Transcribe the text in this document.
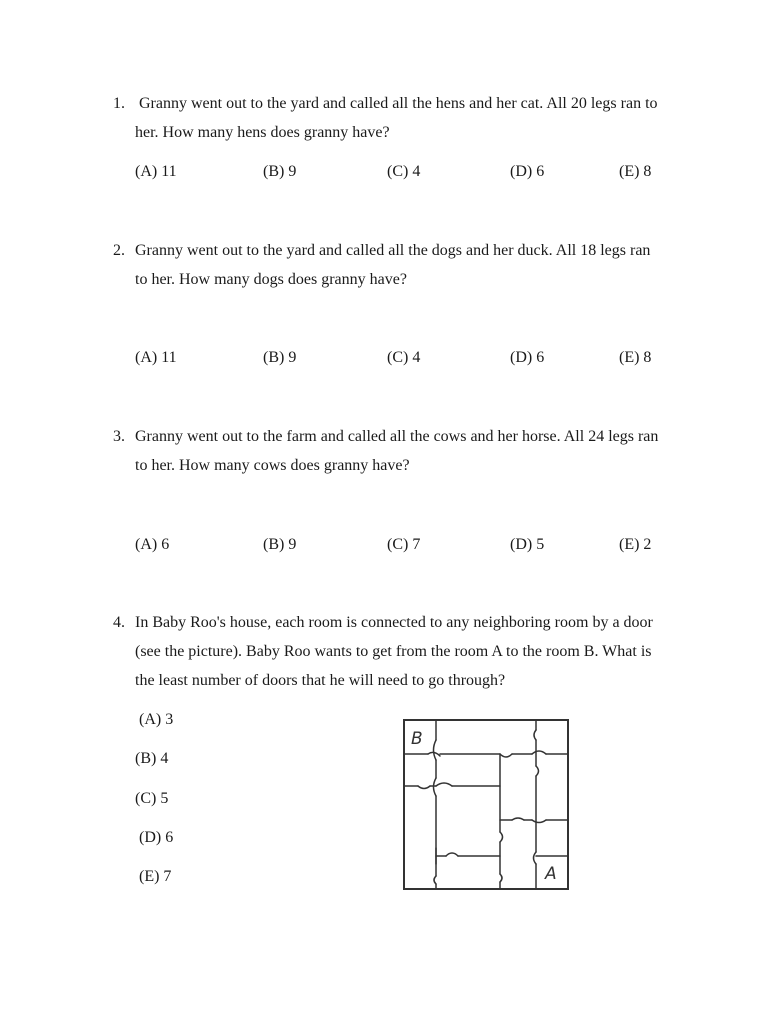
1. Granny went out to the yard and called all the hens and her cat. All 20 legs ran to
her. How many hens does granny have?
(A) 11	(B) 9	(C) 4	(D) 6	(E) 8
2. Granny went out to the yard and called all the dogs and her duck. All 18 legs ran
to her. How many dogs does granny have?
(A) 11	(B) 9	(C) 4	(D) 6	(E) 8
3. Granny went out to the farm and called all the cows and her horse. All 24 legs ran
to her. How many cows does granny have?
(A) 6	(B) 9	(C) 7	(D) 5	(E) 2
4. In Baby Roo's house, each room is connected to any neighboring room by a door
(see the picture). Baby Roo wants to get from the room A to the room B. What is
the least number of doors that he will need to go through?
(A) 3
(B) 4
(C) 5
(D) 6
(E) 7
B
A
